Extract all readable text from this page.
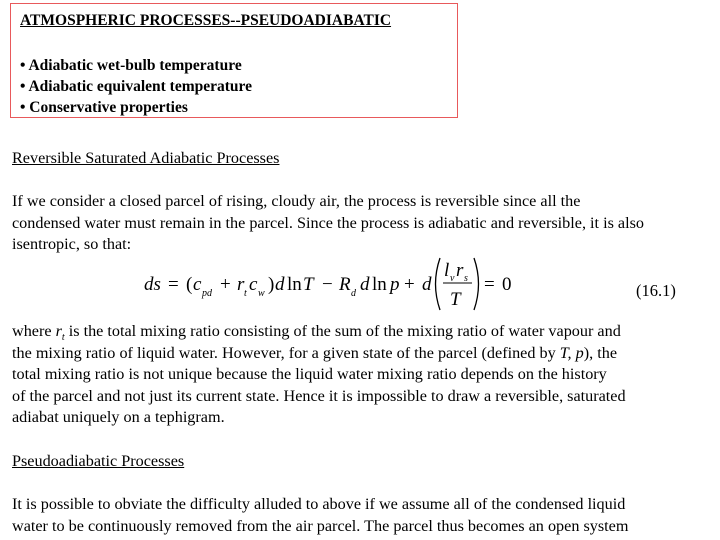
ATMOSPHERIC PROCESSES--PSEUDOADIABATIC
• Adiabatic wet-bulb temperature
• Adiabatic equivalent temperature
• Conservative properties
Reversible Saturated Adiabatic Processes
If we consider a closed parcel of rising, cloudy air, the process is reversible since all the
condensed water must remain in the parcel. Since the process is adiabatic and reversible, it is also
isentropic, so that:
ds = ( c pd + r t c w ) d ln T − R d d ln p + d
l v r s
T
= 0	(16.1)
where $r_t$ is the total mixing ratio consisting of the sum of the mixing ratio of water vapour and
the mixing ratio of liquid water. However, for a given state of the parcel (defined by T, p), the
total mixing ratio is not unique because the liquid water mixing ratio depends on the history
of the parcel and not just its current state. Hence it is impossible to draw a reversible, saturated
adiabat uniquely on a tephigram.
Pseudoadiabatic Processes
It is possible to obviate the difficulty alluded to above if we assume all of the condensed liquid
water to be continuously removed from the air parcel. The parcel thus becomes an open system
